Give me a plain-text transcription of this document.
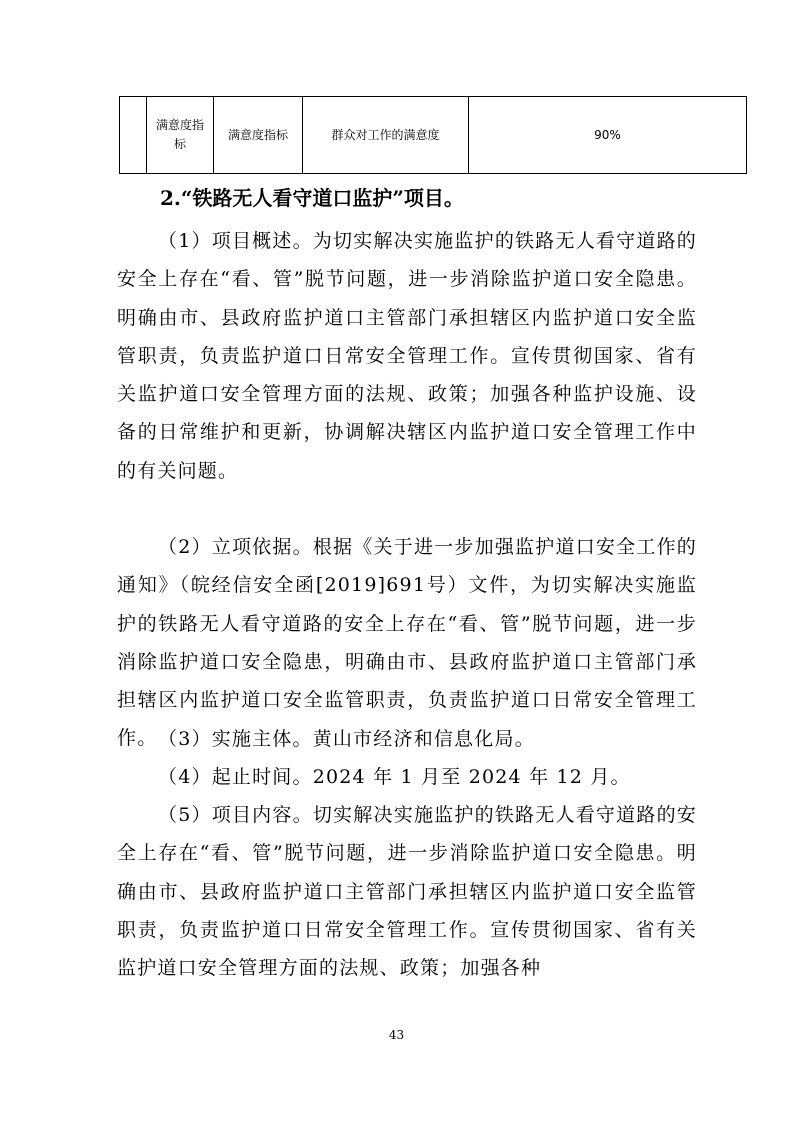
	满意度指标	满意度指标	群众对工作的满意度	90%
2.“铁路无人看守道口监护”项目。

（1）项目概述。为切实解决实施监护的铁路无人看守道路的安全上存在“看、管”脱节问题，进一步消除监护道口安全隐患。明确由市、县政府监护道口主管部门承担辖区内监护道口安全监管职责，负责监护道口日常安全管理工作。宣传贯彻国家、省有关监护道口安全管理方面的法规、政策；加强各种监护设施、设备的日常维护和更新，协调解决辖区内监护道口安全管理工作中的有关问题。

（2）立项依据。根据《关于进一步加强监护道口安全工作的通知》（皖经信安全函[2019]691号）文件，为切实解决实施监护的铁路无人看守道路的安全上存在“看、管”脱节问题，进一步消除监护道口安全隐患，明确由市、县政府监护道口主管部门承担辖区内监护道口安全监管职责，负责监护道口日常安全管理工作。 （3）实施主体。黄山市经济和信息化局。

（4）起止时间。2024 年 1 月至 2024 年 12 月。

（5）项目内容。切实解决实施监护的铁路无人看守道路的安全上存在“看、管”脱节问题，进一步消除监护道口安全隐患。明确由市、县政府监护道口主管部门承担辖区内监护道口安全监管职责，负责监护道口日常安全管理工作。宣传贯彻国家、省有关监护道口安全管理方面的法规、政策；加强各种

43
